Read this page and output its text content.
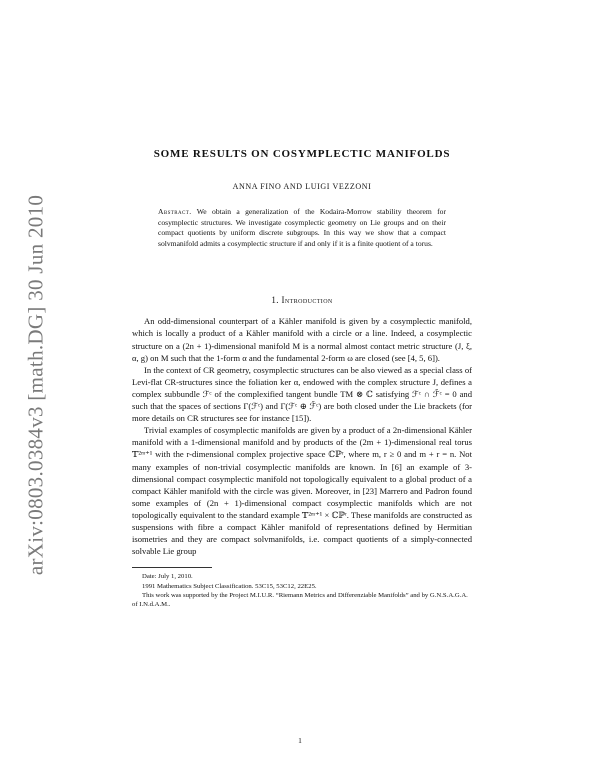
arXiv:0803.0384v3 [math.DG] 30 Jun 2010
SOME RESULTS ON COSYMPLECTIC MANIFOLDS
ANNA FINO AND LUIGI VEZZONI
Abstract. We obtain a generalization of the Kodaira-Morrow stability theorem for cosymplectic structures. We investigate cosymplectic geometry on Lie groups and on their compact quotients by uniform discrete subgroups. In this way we show that a compact solvmanifold admits a cosymplectic structure if and only if it is a finite quotient of a torus.
1. Introduction

An odd-dimensional counterpart of a Kähler manifold is given by a cosymplectic manifold, which is locally a product of a Kähler manifold with a circle or a line. Indeed, a cosymplectic structure on a (2n + 1)-dimensional manifold M is a normal almost contact metric structure (J, ξ, α, g) on M such that the 1-form α and the fundamental 2-form ω are closed (see [4, 5, 6]).

In the context of CR geometry, cosymplectic structures can be also viewed as a special class of Levi-flat CR-structures since the foliation ker α, endowed with the complex structure J, defines a complex subbundle ℱᶜ of the complexified tangent bundle TM ⊗ ℂ satisfying ℱᶜ ∩ ℱ̄ᶜ = 0 and such that the spaces of sections Γ(ℱᶜ) and Γ(ℱᶜ ⊕ ℱ̄ᶜ) are both closed under the Lie brackets (for more details on CR structures see for instance [15]).

Trivial examples of cosymplectic manifolds are given by a product of a 2n-dimensional Kähler manifold with a 1-dimensional manifold and by products of the (2m + 1)-dimensional real torus 𝕋²ᵐ⁺¹ with the r-dimensional complex projective space ℂℙʳ, where m, r ≥ 0 and m + r = n. Not many examples of non-trivial cosymplectic manifolds are known. In [6] an example of 3-dimensional compact cosymplectic manifold not topologically equivalent to a global product of a compact Kähler manifold with the circle was given. Moreover, in [23] Marrero and Padron found some examples of (2n + 1)-dimensional compact cosymplectic manifolds which are not topologically equivalent to the standard example 𝕋²ᵐ⁺¹ × ℂℙʳ. These manifolds are constructed as suspensions with fibre a compact Kähler manifold of representations defined by Hermitian isometries and they are compact solvmanifolds, i.e. compact quotients of a simply-connected solvable Lie group

Date: July 1, 2010.

1991 Mathematics Subject Classification. 53C15, 53C12, 22E25.

This work was supported by the Project M.I.U.R. “Riemann Metrics and Differenziable Manifolds” and by G.N.S.A.G.A. of I.N.d.A.M..

1
